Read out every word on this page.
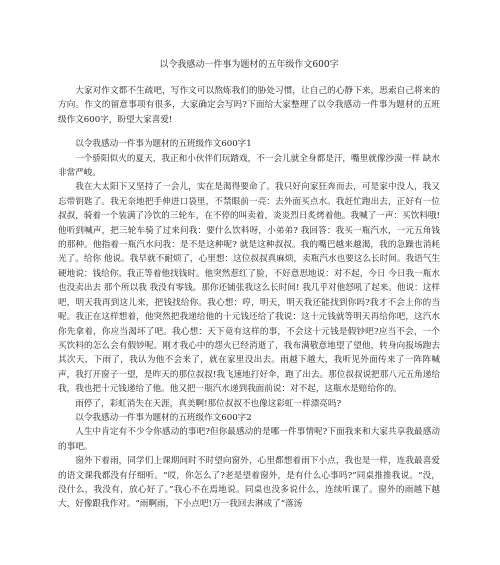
以令我感动一件事为题材的五年级作文600字

大家对作文都不生疏吧，写作文可以熬炼我们的胁处习惯，让自己的心静下来，思索自己将来的方向。作文的留意事项有很多，大家确定会写吗?下面给大家整理了以令我感动一件事为题材的五班级作文600字，盼望大家喜爱!

以令我感动一件事为题材的五班级作文600字1

一个骄阳似火的夏天，我正和小伙伴们玩踏戏，不一会儿就全身都是汗，嘴里就像沙漠一样 缺水非常严峻。

我在大太阳下又坚持了一会儿，实在是渴得要命了。我只好向家狂奔而去，可是家中没人，我又忘带钥匙了。我无奈地把手伸进口袋里，不禁眼前一亮：去外面买点水。我赶忙跑出去，正好有一位叔叔，骑着一个装满了冷饮的三轮车，在不停的叫卖着，炎炎烈日炙烤着他。我喊了一声：买饮料哦! 他听到喊声，把三轮车骑了过来问我：要什么饮料呀，小弟弟? 我回答：我买一瓶汽水，一元五角钱的那种。他指着一瓶汽水问我：是不是这种呢? 就是这种叔叔。我的嘴巴越来越渴，我的急躁也消耗光了。给你 他说。我早就不耐烦了，心里想：这位叔叔真麻烦，卖瓶汽水也要这么长时间。我语气生硬地说：钱给你。我正等着他找钱时。他突然惹红了脸，不好意思地说：对不起，今日 今日我一瓶水也没卖出去 那个所以我 我没有零钱。那你还铺张我这么长时间! 我几乎对他怒吼了起来。他说：这样吧，明天我再到这儿来，把钱找给你。我心想：哼，明天，明天我还能找到你吗?我才不会上你的当呢。我正在这样想着，他突然把我递给他的十元钱还给了我说：这十元钱就等明天再给你吧，这汽水你先拿着，你应当渴坏了吧。我心想：天下竟有这样的事，不会这十元钱是假钞吧?应当不会，一个买饮料的怎么会有假钞呢。刚才我心中的怨火已经消逝了，我布满敬意地望了望他，转身向报场跑去 其次天，下雨了，我认为他不会来了，就在家里没出去。雨越下越大，我听见外面传来了一阵阵喊声，我打开窗子一望，是昨天的那位叔叔!我飞速地打好伞，跑了出去。那位叔叔说把那八元五角递给我，我也把十元钱递给了他。他又把一瓶汽水递到我面前说：对不起，这瓶水是赔给你的。

雨停了，彩虹消失在天涯，真美啊!那位叔叔不也像这彩虹一样漂亮吗?

以令我感动一件事为题材的五班级作文600字2

人生中肯定有不少令你感动的事吧?但你最感动的是哪一件事情呢?下面我来和大家共享我最感动的事吧。

窗外下着雨，同学们上课期间时不时望向窗外，心里都想着雨下小点，我也是一样，连我最喜爱的语文课我都没有仔细听。“哎，你怎么了?老是望着窗外，是有什么心事吗?”同桌推推我说。“没，没什么，我没有，放心好了。”我心不在焉地说。同桌也没多说什么，连续听课了。窗外的雨越下越大，好像跟我作对。“雨啊雨，下小点吧!万一我回去淋成了“落汤
